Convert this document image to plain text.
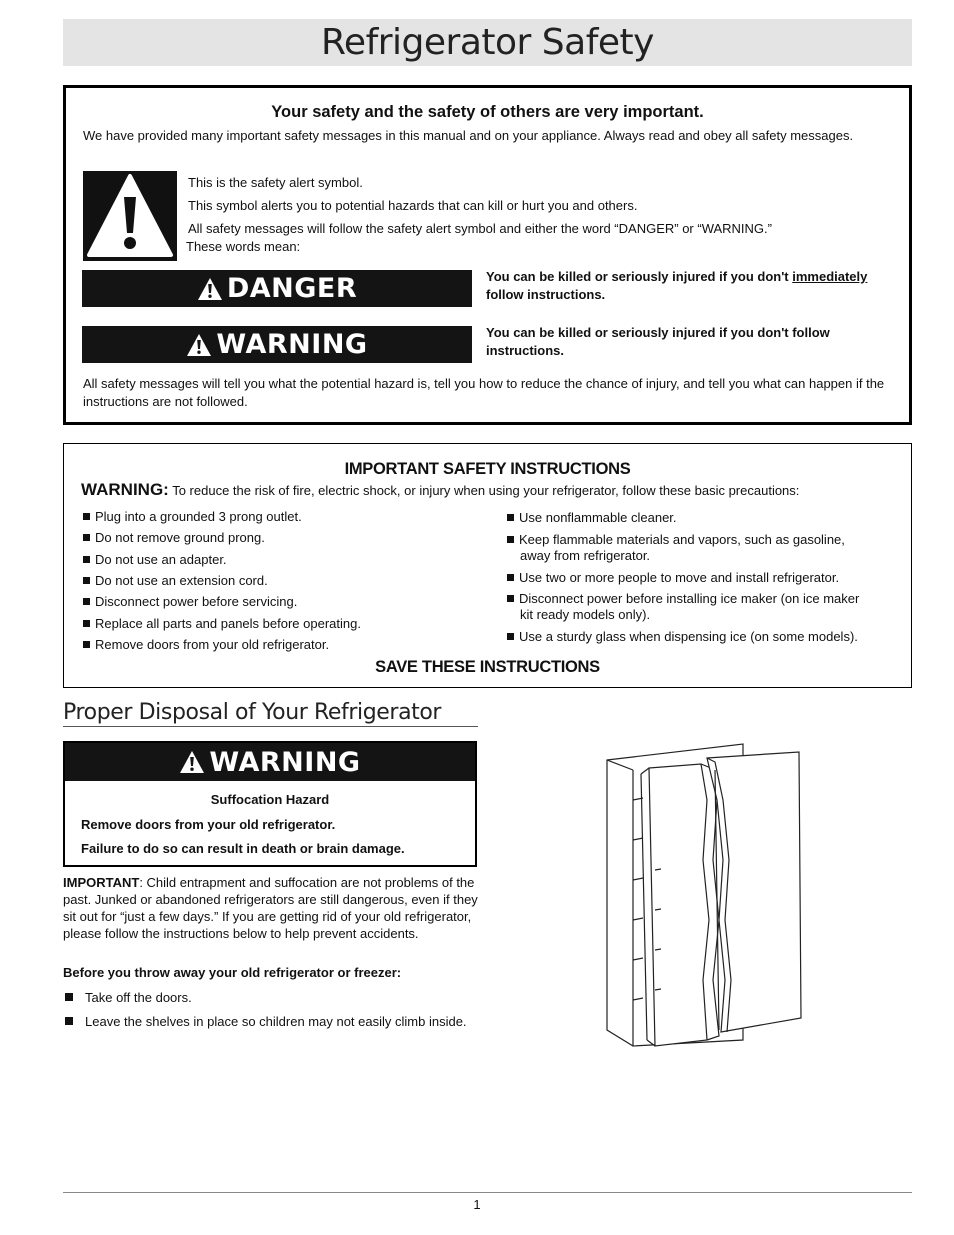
Refrigerator Safety
Your safety and the safety of others are very important.
We have provided many important safety messages in this manual and on your appliance. Always read and obey all safety messages.
This is the safety alert symbol.
This symbol alerts you to potential hazards that can kill or hurt you and others.
All safety messages will follow the safety alert symbol and either the word “DANGER” or “WARNING.”
These words mean:
DANGER	You can be killed or seriously injured if you don't immediately
follow instructions.
WARNING	You can be killed or seriously injured if you don't follow instructions.
All safety messages will tell you what the potential hazard is, tell you how to reduce the chance of injury, and tell you what can happen if the instructions are not followed.
IMPORTANT SAFETY INSTRUCTIONS
WARNING: To reduce the risk of fire, electric shock, or injury when using your refrigerator, follow these basic precautions:
Plug into a grounded 3 prong outlet.
Do not remove ground prong.
Do not use an adapter.
Do not use an extension cord.
Disconnect power before servicing.
Replace all parts and panels before operating.
Remove doors from your old refrigerator.
Use nonflammable cleaner.
Keep flammable materials and vapors, such as gasoline,
away from refrigerator.
Use two or more people to move and install refrigerator.
Disconnect power before installing ice maker (on ice maker
kit ready models only).
Use a sturdy glass when dispensing ice (on some models).
SAVE THESE INSTRUCTIONS
Proper Disposal of Your Refrigerator
WARNING
Suffocation Hazard
Remove doors from your old refrigerator.
Failure to do so can result in death or brain damage.
IMPORTANT: Child entrapment and suffocation are not problems of the past. Junked or abandoned refrigerators are still dangerous, even if they sit out for “just a few days.” If you are getting rid of your old refrigerator, please follow the instructions below to help prevent accidents.
Before you throw away your old refrigerator or freezer:
Take off the doors.
Leave the shelves in place so children may not easily climb inside.
1
